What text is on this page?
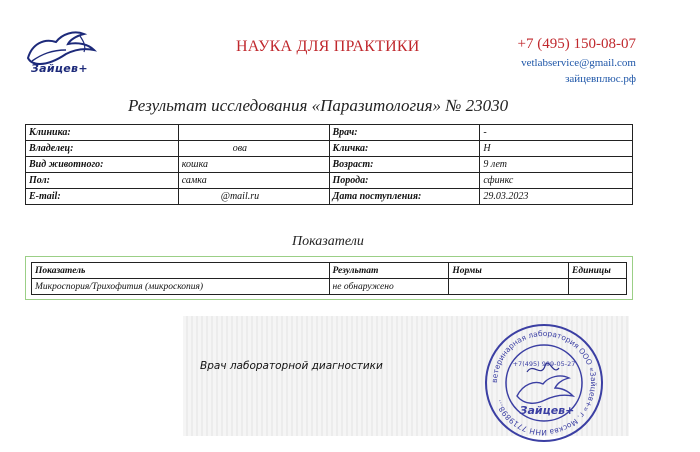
Зайцев+
НАУКА ДЛЯ ПРАКТИКИ	+7 (495) 150-08-07
vetlabservice@gmail.com
зайцевплюс.рф
Результат исследования «Паразитология» № 23030
Клиника:		Врач:	-
Владелец:	ова	Кличка:	Н
Вид животного:	кошка	Возраст:	9 лет
Пол:	самка	Порода:	сфинкс
E-mail:	@mail.ru	Дата поступления:	29.03.2023
Показатели
Показатель	Результат	Нормы	Единицы
Микроспория/Трихофития (микроскопия)	не обнаружено		
Врач лабораторной диагностики
ветеринарная лаборатория ООО «Зайцев+» г. Москва ИНН 7719898...
+7(495) 999-05-27
Зайцев+
